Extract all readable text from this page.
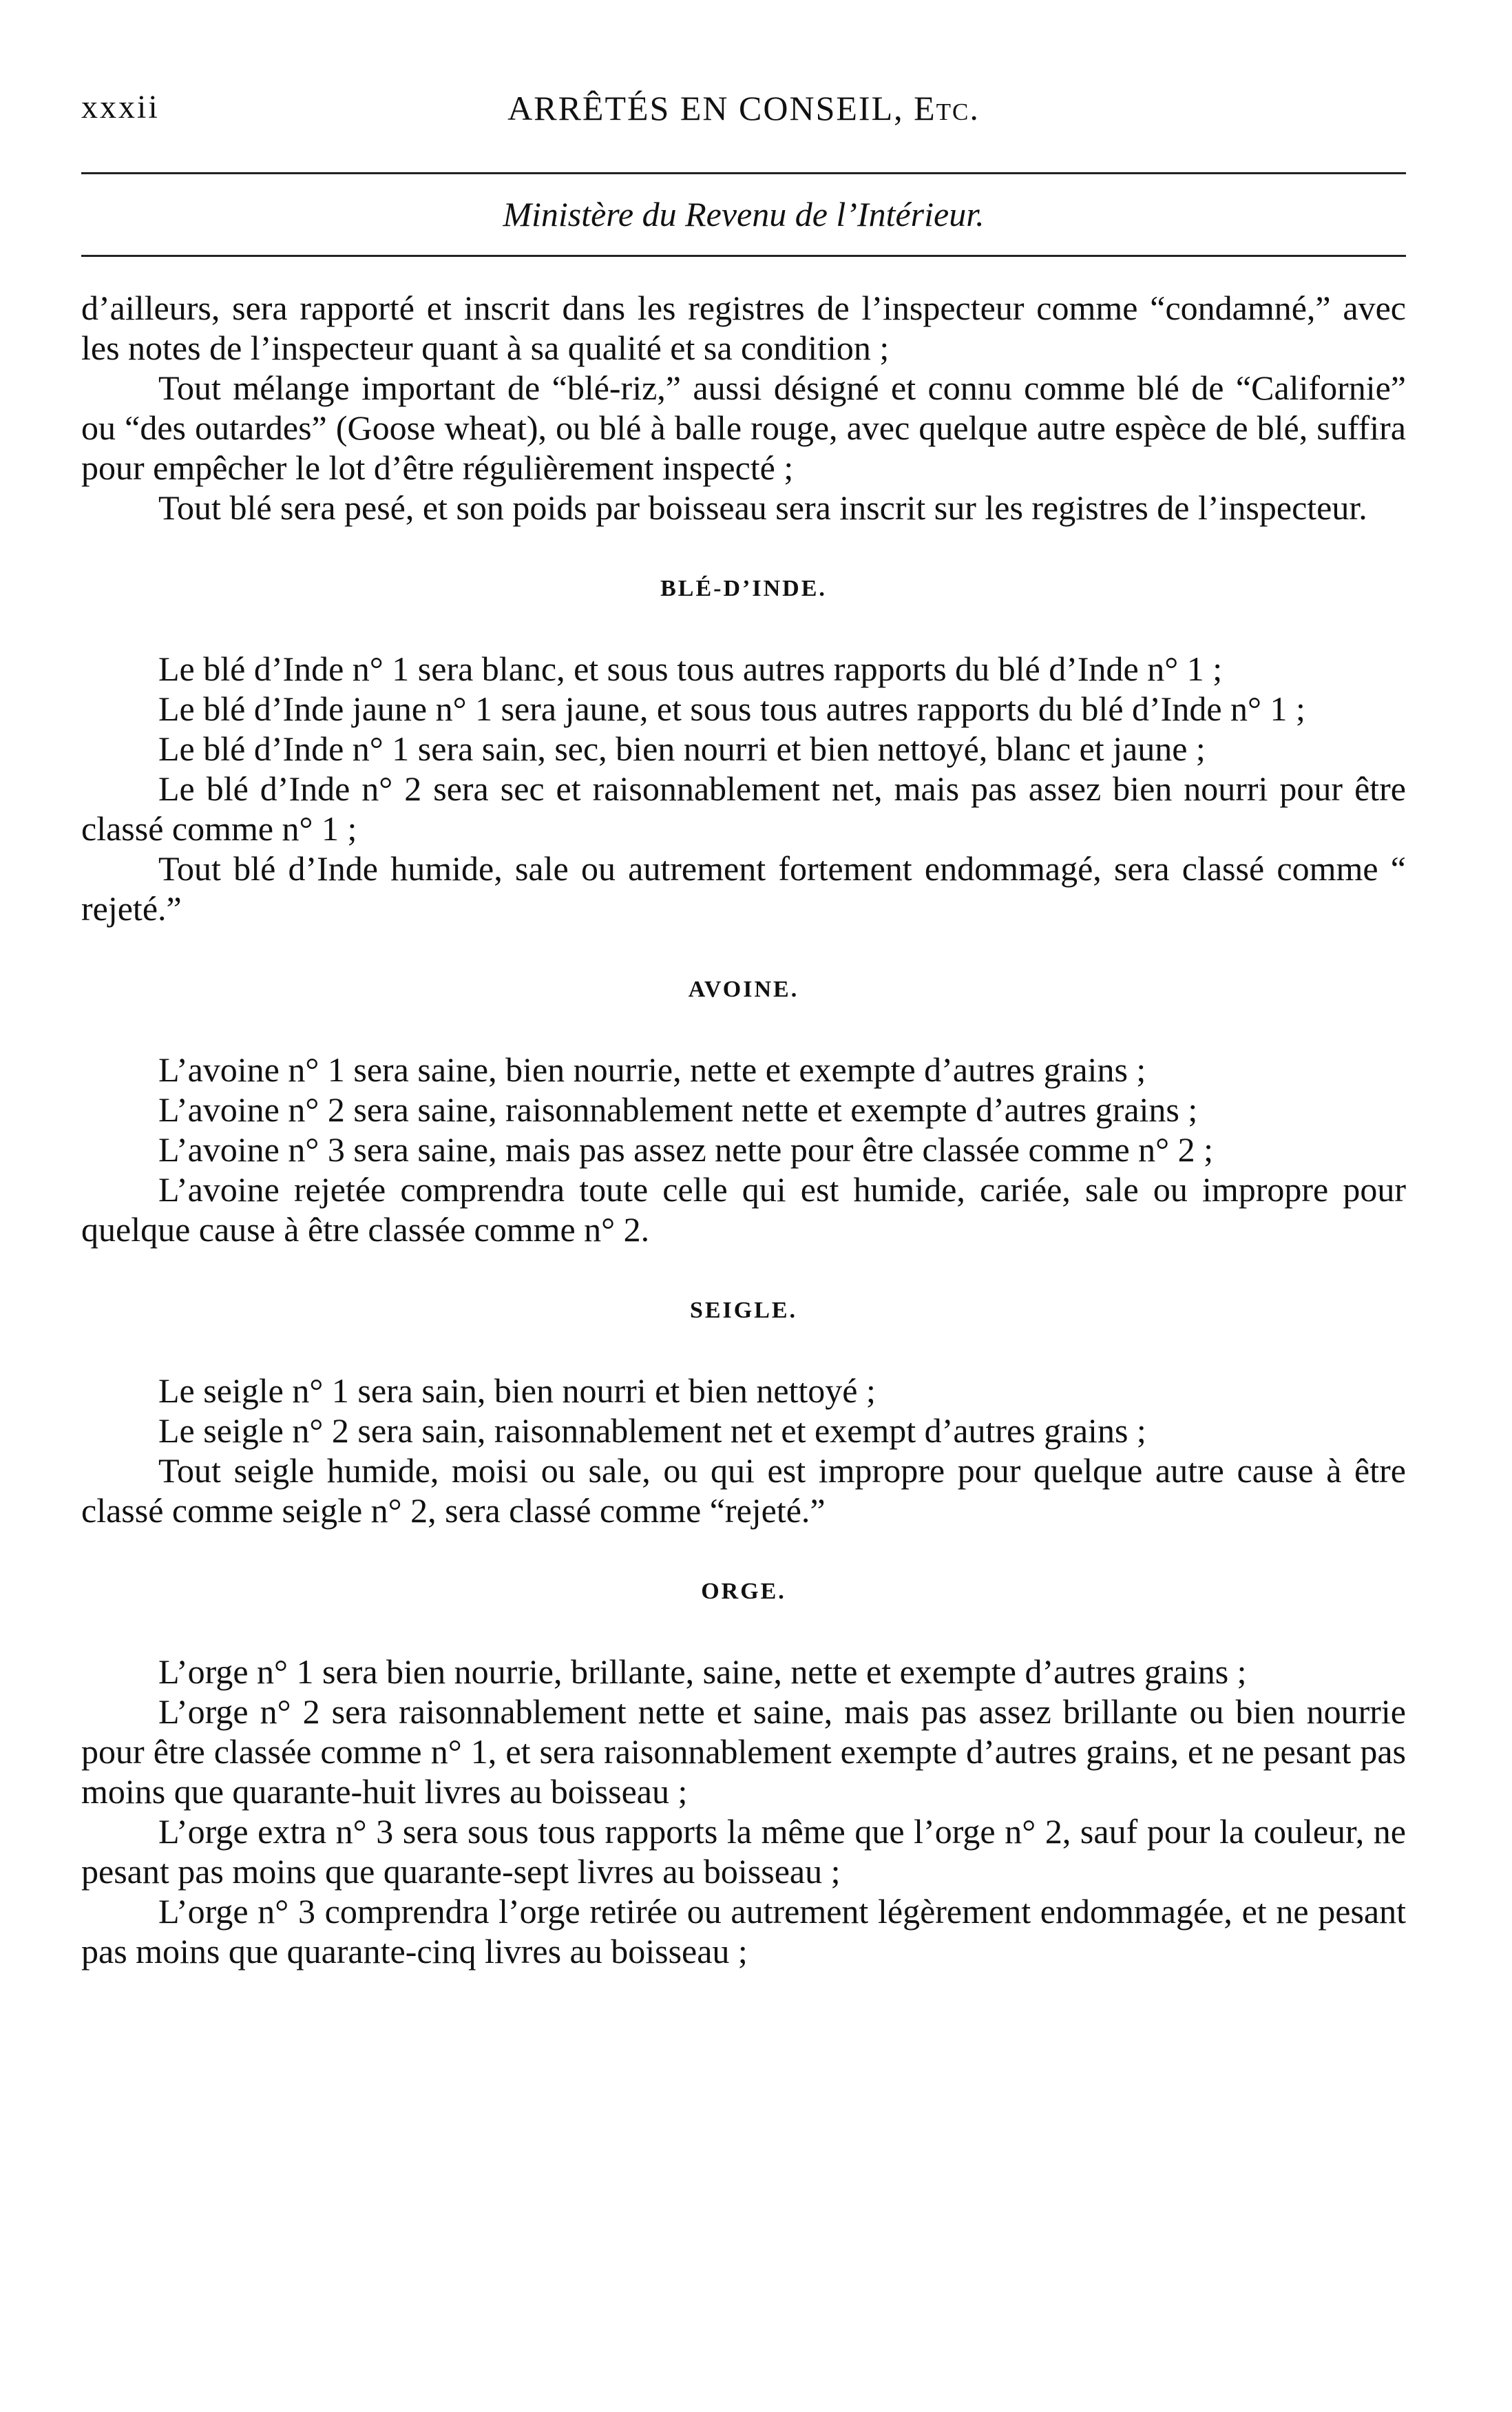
xxxii	ARRÊTÉS EN CONSEIL, Etc.
Ministère du Revenu de l’Intérieur.

d’ailleurs, sera rapporté et inscrit dans les registres de l’inspecteur comme “condamné,” avec les notes de l’inspecteur quant à sa qualité et sa condition ;

Tout mélange important de “blé-riz,” aussi désigné et connu comme blé de “Californie” ou “des outardes” (Goose wheat), ou blé à balle rouge, avec quelque autre espèce de blé, suffira pour empêcher le lot d’être régulièrement inspecté ;

Tout blé sera pesé, et son poids par boisseau sera inscrit sur les registres de l’inspecteur.

BLÉ-D’INDE.

Le blé d’Inde n° 1 sera blanc, et sous tous autres rapports du blé d’Inde n° 1 ;

Le blé d’Inde jaune n° 1 sera jaune, et sous tous autres rapports du blé d’Inde n° 1 ;

Le blé d’Inde n° 1 sera sain, sec, bien nourri et bien nettoyé, blanc et jaune ;

Le blé d’Inde n° 2 sera sec et raisonnablement net, mais pas assez bien nourri pour être classé comme n° 1 ;

Tout blé d’Inde humide, sale ou autrement fortement endommagé, sera classé comme “ rejeté.”

AVOINE.

L’avoine n° 1 sera saine, bien nourrie, nette et exempte d’autres grains ;

L’avoine n° 2 sera saine, raisonnablement nette et exempte d’autres grains ;

L’avoine n° 3 sera saine, mais pas assez nette pour être classée comme n° 2 ;

L’avoine rejetée comprendra toute celle qui est humide, cariée, sale ou impropre pour quelque cause à être classée comme n° 2.

SEIGLE.

Le seigle n° 1 sera sain, bien nourri et bien nettoyé ;

Le seigle n° 2 sera sain, raisonnablement net et exempt d’autres grains ;

Tout seigle humide, moisi ou sale, ou qui est impropre pour quelque autre cause à être classé comme seigle n° 2, sera classé comme “rejeté.”

ORGE.

L’orge n° 1 sera bien nourrie, brillante, saine, nette et exempte d’autres grains ;

L’orge n° 2 sera raisonnablement nette et saine, mais pas assez brillante ou bien nourrie pour être classée comme n° 1, et sera raisonnablement exempte d’autres grains, et ne pesant pas moins que quarante-huit livres au boisseau ;

L’orge extra n° 3 sera sous tous rapports la même que l’orge n° 2, sauf pour la couleur, ne pesant pas moins que quarante-sept livres au boisseau ;

L’orge n° 3 comprendra l’orge retirée ou autrement légèrement endommagée, et ne pesant pas moins que quarante-cinq livres au boisseau ;
